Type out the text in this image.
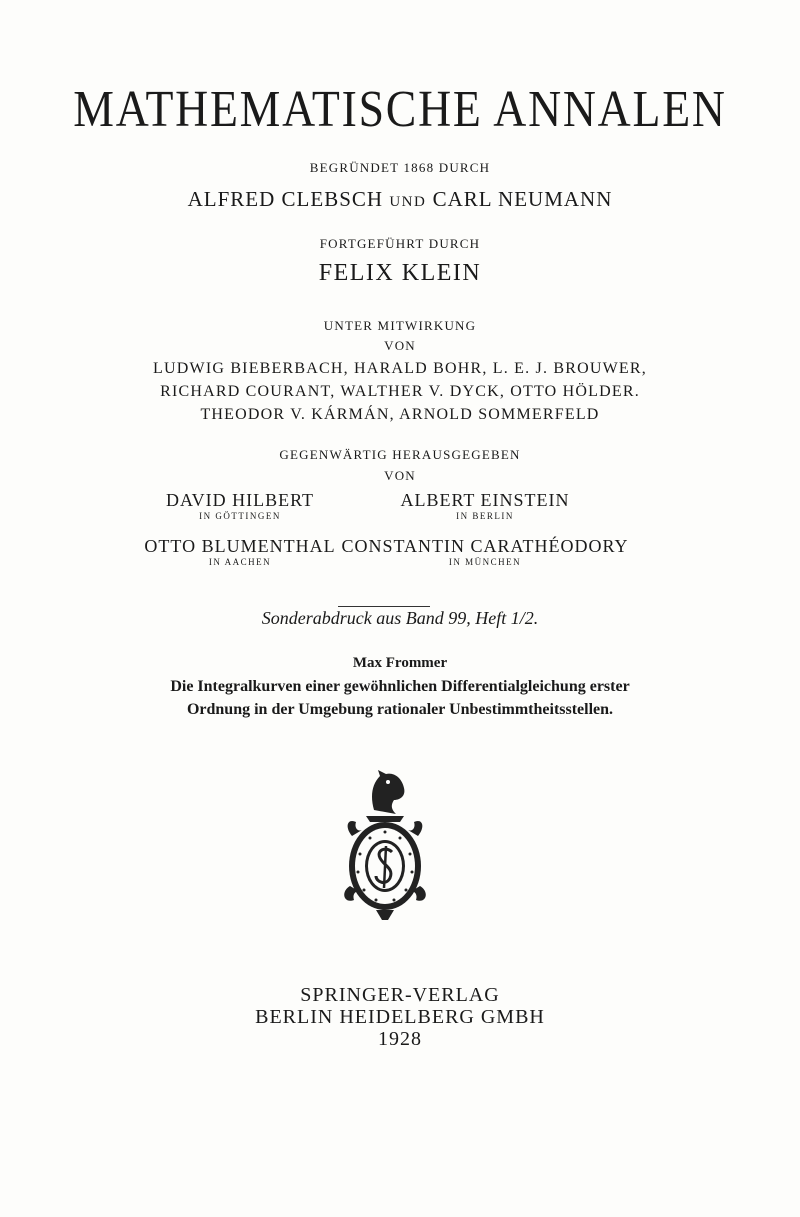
MATHEMATISCHE ANNALEN
BEGRÜNDET 1868 DURCH
ALFRED CLEBSCH UND CARL NEUMANN
FORTGEFÜHRT DURCH
FELIX KLEIN
UNTER MITWIRKUNG
VON
LUDWIG BIEBERBACH, HARALD BOHR, L. E. J. BROUWER,
RICHARD COURANT, WALTHER V. DYCK, OTTO HÖLDER.
THEODOR V. KÁRMÁN, ARNOLD SOMMERFELD
GEGENWÄRTIG HERAUSGEGEBEN
VON
DAVID HILBERT
IN GÖTTINGEN
ALBERT EINSTEIN
IN BERLIN
OTTO BLUMENTHAL
IN AACHEN
CONSTANTIN CARATHÉODORY
IN MÜNCHEN
Sonderabdruck aus Band 99, Heft 1/2.
Max Frommer
Die Integralkurven einer gewöhnlichen Differentialgleichung erster
Ordnung in der Umgebung rationaler Unbestimmtheitsstellen.
SPRINGER-VERLAG
BERLIN HEIDELBERG GMBH
1928
